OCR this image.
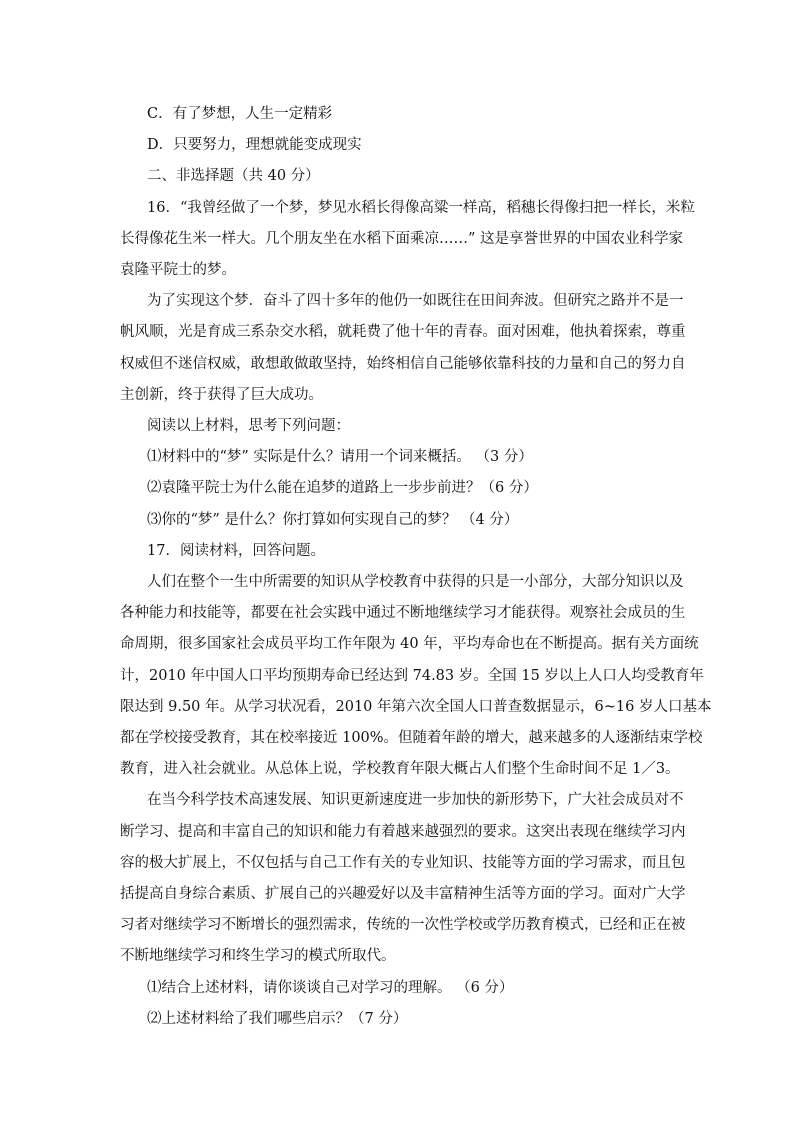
C．有了梦想，人生一定精彩
D．只要努力，理想就能变成现实
二、非选择题（共 40 分）
16．“我曾经做了一个梦，梦见水稻长得像高粱一样高，稻穗长得像扫把一样长，米粒
长得像花生米一样大。几个朋友坐在水稻下面乘凉……” 这是享誉世界的中国农业科学家
袁隆平院士的梦。
为了实现这个梦．奋斗了四十多年的他仍一如既往在田间奔波。但研究之路并不是一
帆风顺，光是育成三系杂交水稻，就耗费了他十年的青春。面对困难，他执着探索，尊重
权威但不迷信权威，敢想敢做敢坚持，始终相信自己能够依靠科技的力量和自己的努力自
主创新，终于获得了巨大成功。
阅读以上材料，思考下列问题：
⑴材料中的“梦” 实际是什么？请用一个词来概括。 （3 分）
⑵袁隆平院士为什么能在追梦的道路上一步步前进？（6 分）
⑶你的“梦” 是什么？你打算如何实现自己的梦？ （4 分）
17．阅读材料，回答问题。
人们在整个一生中所需要的知识从学校教育中获得的只是一小部分，大部分知识以及
各种能力和技能等，都要在社会实践中通过不断地继续学习才能获得。观察社会成员的生
命周期，很多国家社会成员平均工作年限为 40 年，平均寿命也在不断提高。据有关方面统
计，2010 年中国人口平均预期寿命已经达到 74.83 岁。全国 15 岁以上人口人均受教育年
限达到 9.50 年。从学习状况看，2010 年第六次全国人口普查数据显示，6~16 岁人口基本
都在学校接受教育，其在校率接近 100%。但随着年龄的增大，越来越多的人逐渐结束学校
教育，进入社会就业。从总体上说，学校教育年限大概占人们整个生命时间不足 1／3。
在当今科学技术高速发展、知识更新速度进一步加快的新形势下，广大社会成员对不
断学习、提高和丰富自己的知识和能力有着越来越强烈的要求。这突出表现在继续学习内
容的极大扩展上，不仅包括与自己工作有关的专业知识、技能等方面的学习需求，而且包
括提高自身综合素质、扩展自己的兴趣爱好以及丰富精神生活等方面的学习。面对广大学
习者对继续学习不断增长的强烈需求，传统的一次性学校或学历教育模式，已经和正在被
不断地继续学习和终生学习的模式所取代。
⑴结合上述材料，请你谈谈自己对学习的理解。 （6 分）
⑵上述材料给了我们哪些启示？（7 分）
